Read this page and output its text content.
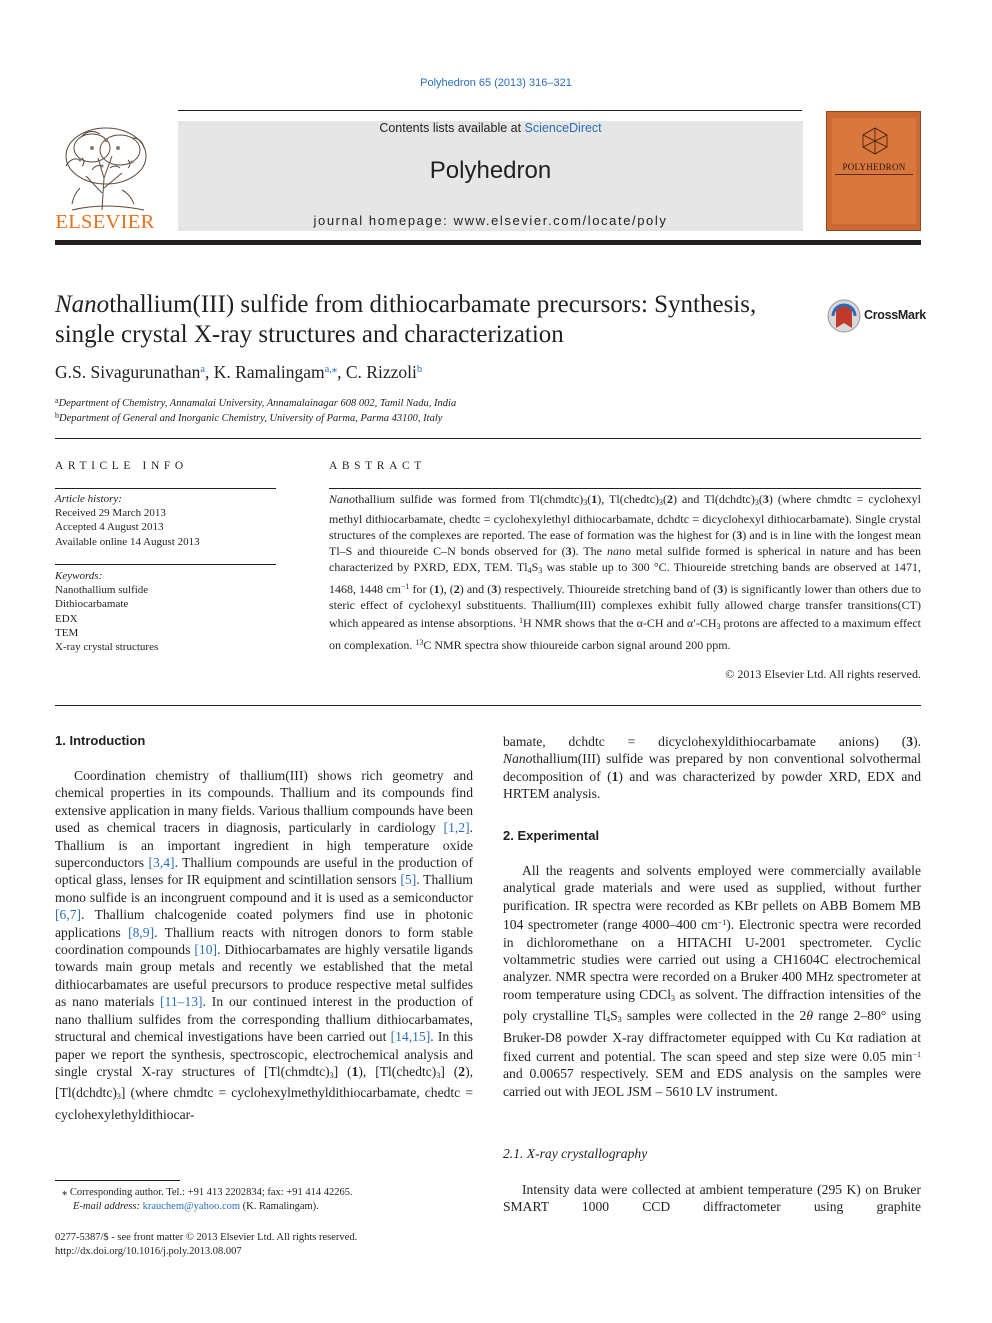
Polyhedron 65 (2013) 316–321
ELSEVIER
Contents lists available at ScienceDirect
Polyhedron
journal homepage: www.elsevier.com/locate/poly
POLYHEDRON
Nanothallium(III) sulfide from dithiocarbamate precursors: Synthesis,
single crystal X-ray structures and characterization
CrossMark
G.S. Sivagurunathan$^a$, K. Ramalingam$^{a,⁎}$, C. Rizzoli$^b$
$^a$Department of Chemistry, Annamalai University, Annamalainagar 608 002, Tamil Nadu, India
$^b$Department of General and Inorganic Chemistry, University of Parma, Parma 43100, Italy
ARTICLE INFO
Article history:
Received 29 March 2013
Accepted 4 August 2013
Available online 14 August 2013
Keywords:
Nanothallium sulfide
Dithiocarbamate
EDX
TEM
X-ray crystal structures
ABSTRACT
Nanothallium sulfide was formed from $Tl(chmdtc)_3(1)$, $Tl(chedtc)_3(2)$ and $Tl(dchdtc)_3(3)$ (where chmdtc = cyclohexyl methyl dithiocarbamate, chedtc = cyclohexylethyl dithiocarbamate, dchdtc = dicyclohexyl dithiocarbamate). Single crystal structures of the complexes are reported. The ease of formation was the highest for (3) and is in line with the longest mean Tl–S and thioureide C–N bonds observed for (3). The nano metal sulfide formed is spherical in nature and has been characterized by PXRD, EDX, TEM. $Tl_4S_3$ was stable up to 300 °C. Thioureide stretching bands are observed at 1471, 1468, 1448 $cm^{-1}$ for (1), (2) and (3) respectively. Thioureide stretching band of (3) is significantly lower than others due to steric effect of cyclohexyl substituents. Thallium(III) complexes exhibit fully allowed charge transfer transitions(CT) which appeared as intense absorptions. $^1$H NMR shows that the α-CH and $\alpha'-CH_3$ protons are affected to a maximum effect on complexation. $^{13}$C NMR spectra show thioureide carbon signal around 200 ppm.
© 2013 Elsevier Ltd. All rights reserved.
1. Introduction
Coordination chemistry of thallium(III) shows rich geometry and chemical properties in its compounds. Thallium and its compounds find extensive application in many fields. Various thallium compounds have been used as chemical tracers in diagnosis, particularly in cardiology [1,2]. Thallium is an important ingredient in high temperature oxide superconductors [3,4]. Thallium compounds are useful in the production of optical glass, lenses for IR equipment and scintillation sensors [5]. Thallium mono sulfide is an incongruent compound and it is used as a semiconductor [6,7]. Thallium chalcogenide coated polymers find use in photonic applications [8,9]. Thallium reacts with nitrogen donors to form stable coordination compounds [10]. Dithiocarbamates are highly versatile ligands towards main group metals and recently we established that the metal dithiocarbamates are useful precursors to produce respective metal sulfides as nano materials [11–13]. In our continued interest in the production of nano thallium sulfides from the corresponding thallium dithiocarbamates, structural and chemical investigations have been carried out [14,15]. In this paper we report the synthesis, spectroscopic, electrochemical analysis and single crystal X-ray structures of $[Tl(chmdtc)_3]$ (1), $[Tl(chedtc)_3]$ (2), $[Tl(dchdtc)_3]$ (where chmdtc = cyclohexylmethyldithiocarbamate, chedtc = cyclohexylethyldithiocar-
⁎ Corresponding author. Tel.: +91 413 2202834; fax: +91 414 42265.
E-mail address: krauchem@yahoo.com (K. Ramalingam).
0277-5387/$ - see front matter © 2013 Elsevier Ltd. All rights reserved.
http://dx.doi.org/10.1016/j.poly.2013.08.007
bamate, dchdtc = dicyclohexyldithiocarbamate anions) (3). Nanothallium(III) sulfide was prepared by non conventional solvothermal decomposition of (1) and was characterized by powder XRD, EDX and HRTEM analysis.
2. Experimental
All the reagents and solvents employed were commercially available analytical grade materials and were used as supplied, without further purification. IR spectra were recorded as KBr pellets on ABB Bomem MB 104 spectrometer (range 4000–400 $cm^{-1}$). Electronic spectra were recorded in dichloromethane on a HITACHI U-2001 spectrometer. Cyclic voltammetric studies were carried out using a CH1604C electrochemical analyzer. NMR spectra were recorded on a Bruker 400 MHz spectrometer at room temperature using CDCl$_3$ as solvent. The diffraction intensities of the poly crystalline $Tl_4S_3$ samples were collected in the 2θ range 2–80° using Bruker-D8 powder X-ray diffractometer equipped with Cu Kα radiation at fixed current and potential. The scan speed and step size were 0.05 $\min^{-1}$ and 0.00657 respectively. SEM and EDS analysis on the samples were carried out with JEOL JSM – 5610 LV instrument.
2.1. X-ray crystallography
Intensity data were collected at ambient temperature (295 K) on Bruker SMART 1000 CCD diffractometer using graphite
